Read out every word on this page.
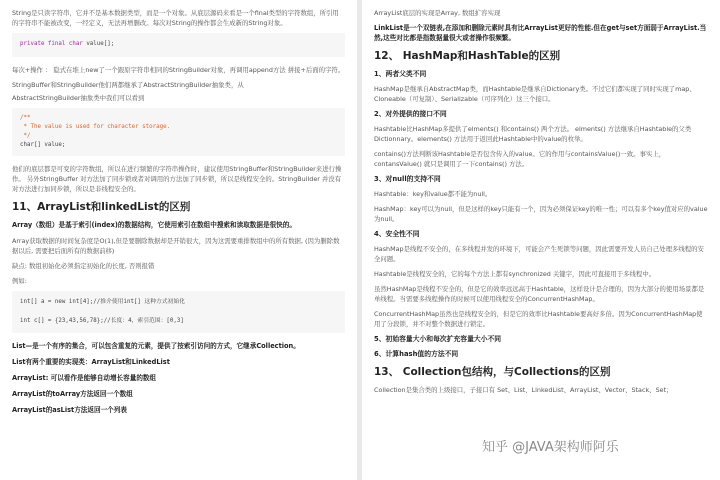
String是只读字符串，它并不是基本数据类型，而是一个对象。从底层源码来看是一个final类型的字符数组，所引用的字符串不能被改变，一经定义，无法再增删改。每次对String的操作都会生成新的String对象。

private final char value[];

每次+操作 ： 隐式在堆上new了一个跟原字符串相同的StringBuilder对象，再调用append方法 拼接+后面的字符。

StringBuffer和StringBuilder他们两都继承了AbstractStringBuilder抽象类，从

AbstractStringBuilder抽象类中我们可以看到

/**
* The value is used for character storage.
*/
char[] value;

他们的底层都是可变的字符数组，所以在进行频繁的字符串操作时，建议使用StringBuffer和StringBuilder来进行操作。 另外StringBuffer 对方法加了同步锁或者对调用的方法加了同步锁，所以是线程安全的。StringBuilder 并没有对方法进行加同步锁，所以是非线程安全的。

11、ArrayList和linkedList的区别

Array（数组）是基于索引(index)的数据结构，它使用索引在数组中搜索和读取数据是很快的。

Array获取数据的时间复杂度是O(1),但是要删除数据却是开销很大，因为这需要重排数组中的所有数据, (因为删除数据以后, 需要把后面所有的数据前移)

缺点: 数组初始化必须指定初始化的长度, 否则报错

例如:

int[] a = new int[4];//推介使用int[] 这种方式初始化
int c[] = {23,43,56,78};//长度：4，索引范围：[0,3]

List—是一个有序的集合，可以包含重复的元素，提供了按索引访问的方式，它继承Collection。

List有两个重要的实现类：ArrayList和LinkedList

ArrayList: 可以看作是能够自动增长容量的数组

ArrayList的toArray方法返回一个数组

ArrayList的asList方法返回一个列表

ArrayList底层的实现是Array, 数组扩容实现

LinkList是一个双链表,在添加和删除元素时具有比ArrayList更好的性能.但在get与set方面弱于ArrayList.当然,这些对比都是指数据量很大或者操作很频繁。

12、 HashMap和HashTable的区别
1、两者父类不同

HashMap是继承自AbstractMap类，而Hashtable是继承自Dictionary类。不过它们都实现了同时实现了map、Cloneable（可复制）、Serializable（可序列化）这三个接口。

2、对外提供的接口不同

Hashtable比HashMap多提供了elments() 和contains() 两个方法。 elments() 方法继承自Hashtable的父类Dictionnary。elements() 方法用于返回此Hashtable中的value的枚举。

contains()方法判断该Hashtable是否包含传入的value。它的作用与containsValue()一致。事实上，contansValue() 就只是调用了一下contains() 方法。

3、对null的支持不同

Hashtable：key和value都不能为null。

HashMap：key可以为null，但是这样的key只能有一个，因为必须保证key的唯一性；可以有多个key值对应的value为null。

4、安全性不同

HashMap是线程不安全的，在多线程并发的环境下，可能会产生死锁等问题，因此需要开发人员自己处理多线程的安全问题。

Hashtable是线程安全的，它的每个方法上都有synchronized 关键字，因此可直接用于多线程中。

虽然HashMap是线程不安全的，但是它的效率远远高于Hashtable，这样设计是合理的，因为大部分的使用场景都是单线程。当需要多线程操作的时候可以使用线程安全的ConcurrentHashMap。

ConcurrentHashMap虽然也是线程安全的，但是它的效率比Hashtable要高好多倍。因为ConcurrentHashMap使用了分段锁，并不对整个数据进行锁定。

5、初始容量大小和每次扩充容量大小不同
6、计算hash值的方法不同
13、 Collection包结构，与Collections的区别

Collection是集合类的上级接口，子接口有 Set、List、LinkedList、ArrayList、Vector、Stack、Set；

知乎 @JAVA架构师阿乐
